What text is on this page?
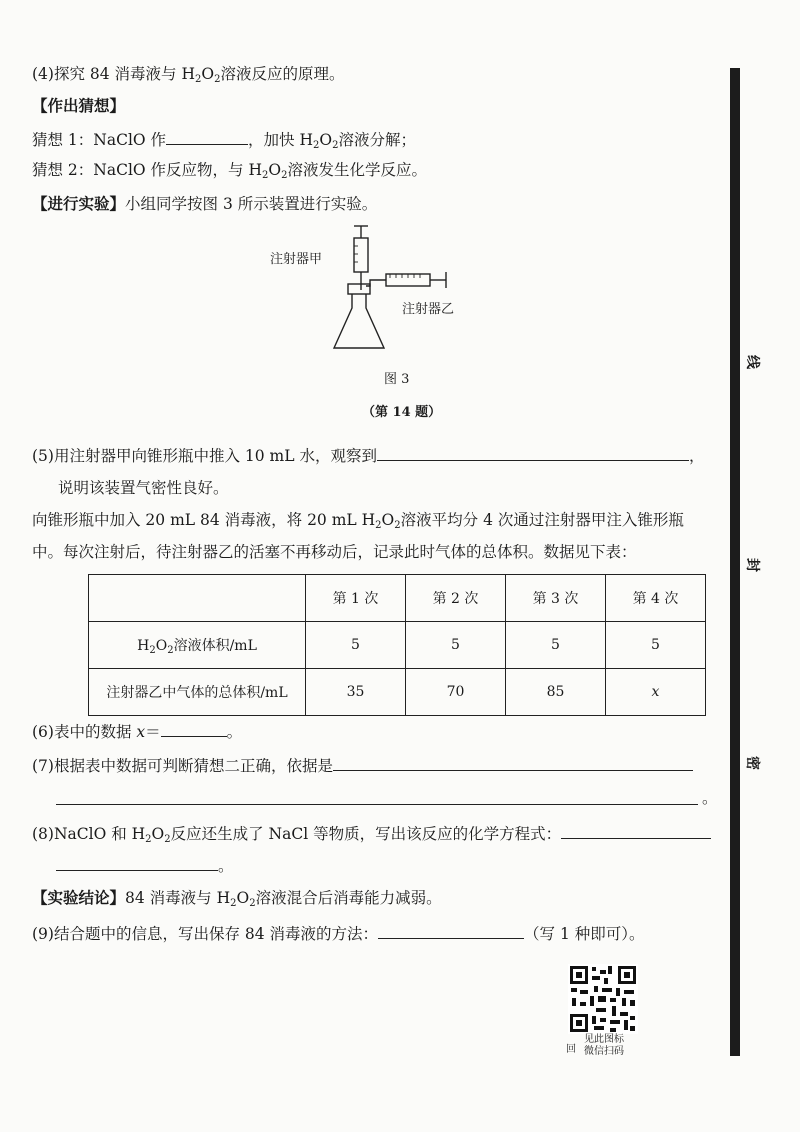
线
封
密
(4)探究 84 消毒液与 $H_2O_2$溶液反应的原理。
【作出猜想】
猜想 1：NaClO 作	，加快 $H_2O_2$溶液分解；
猜想 2：NaClO 作反应物，与 $H_2O_2$溶液发生化学反应。
【进行实验】小组同学按图 3 所示装置进行实验。
注射器甲
注射器乙
图 3
（第 14 题）
(5)用注射器甲向锥形瓶中推入 10 mL 水，观察到	，
说明该装置气密性良好。
向锥形瓶中加入 20 mL 84 消毒液，将 20 mL $H_2O_2$溶液平均分 4 次通过注射器甲注入锥形瓶
中。每次注射后，待注射器乙的活塞不再移动后，记录此时气体的总体积。数据见下表：
	第 1 次	第 2 次	第 3 次	第 4 次
$H_2O_2$溶液体积/mL	5	5	5	5
注射器乙中气体的总体积/mL	35	70	85	x
(6)表中的数据 x＝	。
(7)根据表中数据可判断猜想二正确，依据是
。
(8)NaClO 和 $H_2O_2$反应还生成了 NaCl 等物质，写出该反应的化学方程式：
。
【实验结论】84 消毒液与 $H_2O_2$溶液混合后消毒能力减弱。
(9)结合题中的信息，写出保存 84 消毒液的方法：	（写 1 种即可）。
回
见此图标
微信扫码
